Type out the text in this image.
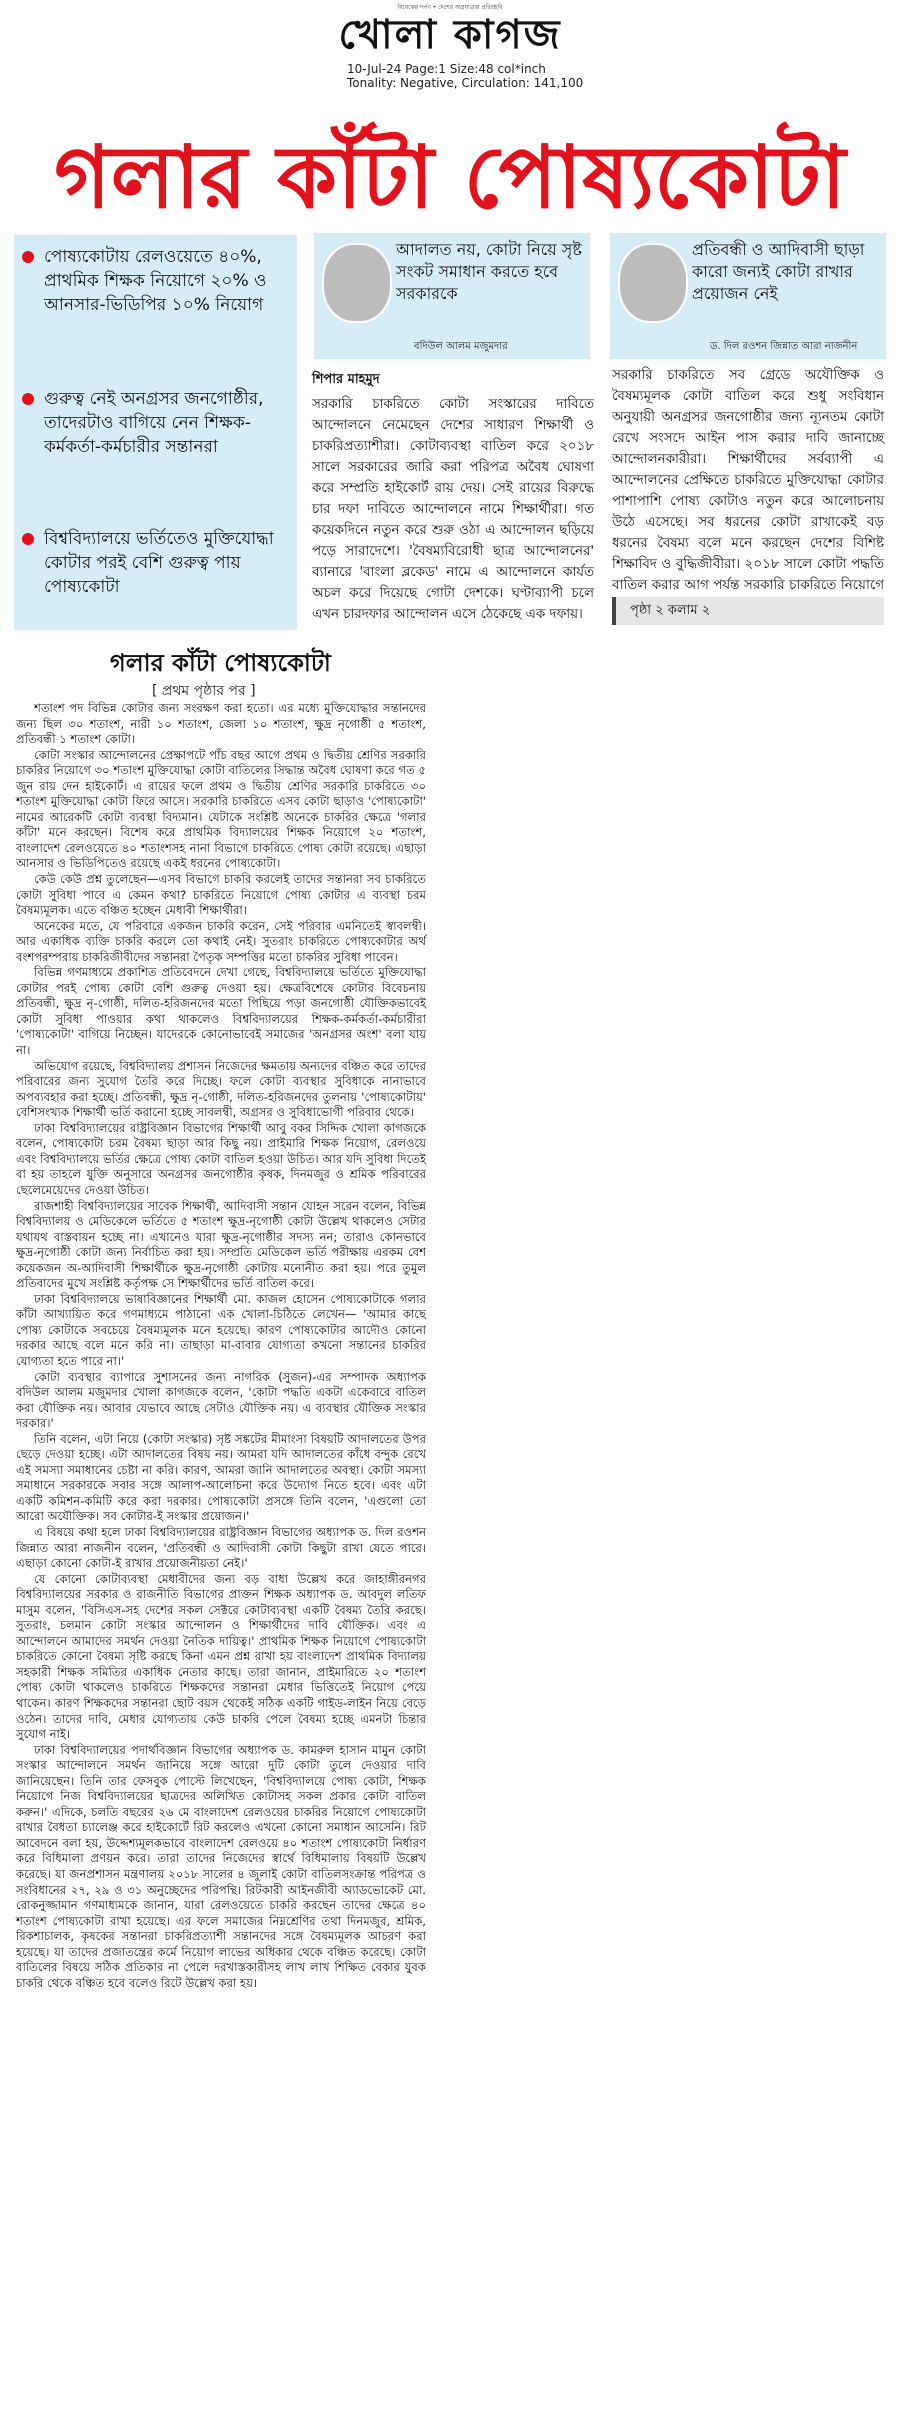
বিবেকের দর্পণ • দেশের অগ্রযাত্রার প্রতিচ্ছবি
খোলা কাগজ
10-Jul-24 Page:1 Size:48 col*inch
Tonality: Negative, Circulation: 141,100
গলার কাঁটা পোষ্যকোটা
পোষ্যকোটায় রেলওয়েতে ৪০%, প্রাথমিক শিক্ষক নিয়োগে ২০% ও আনসার-ভিডিপির ১০% নিয়োগ
গুরুত্ব নেই অনগ্রসর জনগোষ্ঠীর, তাদেরটাও বাগিয়ে নেন শিক্ষক-কর্মকর্তা-কর্মচারীর সন্তানরা
বিশ্ববিদ্যালয়ে ভর্তিতেও মুক্তিযোদ্ধা কোটার পরই বেশি গুরুত্ব পায় পোষ্যকোটা
আদালত নয়, কোটা নিয়ে সৃষ্ট সংকট সমাধান করতে হবে সরকারকে
বদিউল আলম মজুমদার
প্রতিবন্ধী ও আদিবাসী ছাড়া কারো জন্যই কোটা রাখার প্রয়োজন নেই
ড. দিল রওশন জিন্নাত আরা নাজনীন
শিপার মাহমুদ
সরকারি চাকরিতে কোটা সংস্কারের দাবিতে আন্দোলনে নেমেছেন দেশের সাধারণ শিক্ষার্থী ও চাকরিপ্রত্যাশীরা। কোটাব্যবস্থা বাতিল করে ২০১৮ সালে সরকারের জারি করা পরিপত্র অবৈধ ঘোষণা করে সম্প্রতি হাইকোর্ট রায় দেয়। সেই রায়ের বিরুদ্ধে চার দফা দাবিতে আন্দোলনে নামে শিক্ষার্থীরা। গত কয়েকদিনে নতুন করে শুরু ওঠা এ আন্দোলন ছড়িয়ে পড়ে সারাদেশে। 'বৈষম্যবিরোধী ছাত্র আন্দোলনের' ব্যানারে 'বাংলা ব্লকেড' নামে এ আন্দোলনে কার্যত অচল করে দিয়েছে গোটা দেশকে। ঘণ্টাব্যাপী চলে এখন চারদফার আন্দোলন এসে ঠেকেছে এক দফায়।
সরকারি চাকরিতে সব গ্রেডে অযৌক্তিক ও বৈষম্যমূলক কোটা বাতিল করে শুধু সংবিধান অনুযায়ী অনগ্রসর জনগোষ্ঠীর জন্য ন্যূনতম কোটা রেখে সংসদে আইন পাস করার দাবি জানাচ্ছে আন্দোলনকারীরা। শিক্ষার্থীদের সর্বব্যাপী এ আন্দোলনের প্রেক্ষিতে চাকরিতে মুক্তিযোদ্ধা কোটার পাশাপাশি পোষ্য কোটাও নতুন করে আলোচনায় উঠে এসেছে। সব ধরনের কোটা রাখাকেই বড় ধরনের বৈষম্য বলে মনে করছেন দেশের বিশিষ্ট শিক্ষাবিদ ও বুদ্ধিজীবীরা। ২০১৮ সালে কোটা পদ্ধতি বাতিল করার আগ পর্যন্ত সরকারি চাকরিতে নিয়োগে
পৃষ্ঠা ২ কলাম ২
গলার কাঁটা পোষ্যকোটা
[ প্রথম পৃষ্ঠার পর ]

শতাংশ পদ বিভিন্ন কোটার জন্য সংরক্ষণ করা হতো। এর মধ্যে মুক্তিযোদ্ধার সন্তানদের জন্য ছিল ৩০ শতাংশ, নারী ১০ শতাংশ, জেলা ১০ শতাংশ, ক্ষুদ্র নৃগোষ্ঠী ৫ শতাংশ, প্রতিবন্ধী ১ শতাংশ কোটা।

কোটা সংস্কার আন্দোলনের প্রেক্ষাপটে পাঁচ বছর আগে প্রথম ও দ্বিতীয় শ্রেণির সরকারি চাকরির নিয়োগে ৩০ শতাংশ মুক্তিযোদ্ধা কোটা বাতিলের সিদ্ধান্ত অবৈধ ঘোষণা করে গত ৫ জুন রায় দেন হাইকোর্ট। এ রায়ের ফলে প্রথম ও দ্বিতীয় শ্রেণির সরকারি চাকরিতে ৩০ শতাংশ মুক্তিযোদ্ধা কোটা ফিরে আসে। সরকারি চাকরিতে এসব কোটা ছাড়াও 'পোষ্যকোটা' নামের আরেকটি কোটা ব্যবস্থা বিদ্যমান। যেটাকে সংশ্লিষ্ট অনেকে চাকরির ক্ষেত্রে 'গলার কাঁটা' মনে করছেন। বিশেষ করে প্রাথমিক বিদ্যালয়ের শিক্ষক নিয়োগে ২০ শতাংশ, বাংলাদেশ রেলওয়েতে ৪০ শতাংশসহ নানা বিভাগে চাকরিতে পোষ্য কোটা রয়েছে। এছাড়া আনসার ও ভিডিপিতেও রয়েছে একই ধরনের পোষ্যকোটা।

কেউ কেউ প্রশ্ন তুলেছেন—এসব বিভাগে চাকরি করলেই তাদের সন্তানরা সব চাকরিতে কোটা সুবিধা পাবে এ কেমন কথা? চাকরিতে নিয়োগে পোষ্য কোটার এ ব্যবস্থা চরম বৈষম্যমূলক। এতে বঞ্চিত হচ্ছেন মেধাবী শিক্ষার্থীরা।

অনেকের মতে, যে পরিবারে একজন চাকরি করেন, সেই পরিবার এমনিতেই স্বাবলম্বী। আর একাধিক ব্যক্তি চাকরি করলে তো কথাই নেই। সুতরাং চাকরিতে পোষ্যকোটার অর্থ বংশপরম্পরায় চাকরিজীবীদের সন্তানরা পৈতৃক সম্পত্তির মতো চাকরির সুবিধা পাবেন।

বিভিন্ন গণমাধ্যমে প্রকাশিত প্রতিবেদনে দেখা গেছে, বিশ্ববিদ্যালয়ে ভর্তিতে মুক্তিযোদ্ধা কোটার পরই পোষ্য কোটা বেশি গুরুত্ব দেওয়া হয়। ক্ষেত্রবিশেষে কোটার বিবেচনায় প্রতিবন্ধী, ক্ষুদ্র নৃ-গোষ্ঠী, দলিত-হরিজনদের মতো পিছিয়ে পড়া জনগোষ্ঠী যৌক্তিকভাবেই কোটা সুবিধা পাওয়ার কথা থাকলেও বিশ্ববিদ্যালয়ের শিক্ষক-কর্মকর্তা-কর্মচারীরা 'পোষ্যকোটা' বাগিয়ে নিচ্ছেন। যাদেরকে কোনোভাবেই সমাজের 'অনগ্রসর অংশ' বলা যায় না।

অভিযোগ রয়েছে, বিশ্ববিদ্যালয় প্রশাসন নিজেদের ক্ষমতায় অন্যদের বঞ্চিত করে তাদের পরিবারের জন্য সুযোগ তৈরি করে দিচ্ছে। ফলে কোটা ব্যবস্থার সুবিধাকে নানাভাবে অপব্যবহার করা হচ্ছে। প্রতিবন্ধী, ক্ষুদ্র নৃ-গোষ্ঠী, দলিত-হরিজনদের তুলনায় 'পোষ্যকোটায়' বেশিসংখ্যক শিক্ষার্থী ভর্তি করানো হচ্ছে সাবলম্বী, অগ্রসর ও সুবিধাভোগী পরিবার থেকে।

ঢাকা বিশ্ববিদ্যালয়ের রাষ্ট্রবিজ্ঞান বিভাগের শিক্ষার্থী আবু বকর সিদ্দিক খোলা কাগজকে বলেন, পোষ্যকোটা চরম বৈষম্য ছাড়া আর কিছু নয়। প্রাইমারি শিক্ষক নিয়োগ, রেলওয়ে এবং বিশ্ববিদ্যালয়ে ভর্তির ক্ষেত্রে পোষ্য কোটা বাতিল হওয়া উচিত। আর যদি সুবিধা দিতেই বা হয় তাহলে যুক্তি অনুসারে অনগ্রসর জনগোষ্ঠীর কৃষক, দিনমজুর ও শ্রমিক পরিবারের ছেলেমেয়েদের দেওয়া উচিত।

রাজশাহী বিশ্ববিদ্যালয়ের সাবেক শিক্ষার্থী, আদিবাসী সন্তান যোহন সরেন বলেন, বিভিন্ন বিশ্ববিদ্যালয় ও মেডিকেলে ভর্তিতে ৫ শতাংশ ক্ষুদ্র-নৃগোষ্ঠী কোটা উল্লেখ থাকলেও সেটার যথাযথ বাস্তবায়ন হচ্ছে না। এখানেও যারা ক্ষুদ্র-নৃগোষ্ঠীর সদস্য নন; তারাও কোনভাবে ক্ষুদ্র-নৃগোষ্ঠী কোটা জন্য নির্বাচিত করা হয়। সম্প্রতি মেডিকেল ভর্তি পরীক্ষায় এরকম বেশ কয়েকজন অ-আদিবাসী শিক্ষার্থীকে ক্ষুদ্র-নৃগোষ্ঠী কোটায় মনোনীত করা হয়। পরে তুমুল প্রতিবাদের মুখে সংশ্লিষ্ট কর্তৃপক্ষ সে শিক্ষার্থীদের ভর্তি বাতিল করে।

ঢাকা বিশ্ববিদ্যালয়ে ভাষাবিজ্ঞানের শিক্ষার্থী মো. কাজল হোসেন পোষ্যকোটাকে গলার কাঁটা আখ্যায়িত করে গণমাধ্যমে পাঠানো এক খোলা-চিঠিতে লেখেন— 'আমার কাছে পোষ্য কোটাকে সবচেয়ে বৈষম্যমূলক মনে হয়েছে। কারণ পোষ্যকোটার আদৌও কোনো দরকার আছে বলে মনে করি না। তাছাড়া মা-বাবার যোগ্যতা কখনো সন্তানের চাকরির যোগ্যতা হতে পারে না।'

কোটা ব্যবস্থার ব্যাপারে সুশাসনের জন্য নাগরিক (সুজন)-এর সম্পাদক অধ্যাপক বদিউল আলম মজুমদার খোলা কাগজকে বলেন, 'কোটা পদ্ধতি একটা একেবারে বাতিল করা যৌক্তিক নয়। আবার যেভাবে আছে সেটাও যৌক্তিক নয়। এ ব্যবস্থার যৌক্তিক সংস্কার দরকার।'

তিনি বলেন, এটা নিয়ে (কোটা সংস্কার) সৃষ্ট সঙ্কটের মীমাংসা বিষয়টি আদালতের উপর ছেড়ে দেওয়া হচ্ছে। এটা আদালতের বিষয় নয়। আমরা যদি আদালতের কাঁধে বন্দুক রেখে এই সমস্যা সমাধানের চেষ্টা না করি। কারণ, আমরা জানি আদালতের অবস্থা। কোটা সমস্যা সমাধানে সরকারকে সবার সঙ্গে আলাপ-আলোচনা করে উদ্যোগ নিতে হবে। এবং এটা একটি কমিশন-কমিটি করে করা দরকার। পোষ্যকোটা প্রসঙ্গে তিনি বলেন, 'এগুলো তো আরো অযৌক্তিক। সব কোটার-ই সংস্কার প্রয়োজন।'

এ বিষয়ে কথা হলে ঢাকা বিশ্ববিদ্যালয়ের রাষ্ট্রবিজ্ঞান বিভাগের অধ্যাপক ড. দিল রওশন জিন্নাত আরা নাজনীন বলেন, 'প্রতিবন্ধী ও আদিবাসী কোটা কিছুটা রাখা যেতে পারে। এছাড়া কোনো কোটা-ই রাখার প্রয়োজনীয়তা নেই।'

যে কোনো কোটাব্যবস্থা মেধাবীদের জন্য বড় বাধা উল্লেখ করে জাহাঙ্গীরনগর বিশ্ববিদ্যালয়ের সরকার ও রাজনীতি বিভাগের প্রাক্তন শিক্ষক অধ্যাপক ড. আবদুল লতিফ মাসুম বলেন, 'বিসিএস-সহ দেশের সকল সেক্টরে কোটাব্যবস্থা একটি বৈষম্য তৈরি করছে। সুতরাং, চলমান কোটা সংস্কার আন্দোলন ও শিক্ষার্থীদের দাবি যৌক্তিক। এবং এ আন্দোলনে আমাদের সমর্থন দেওয়া নৈতিক দায়িত্ব।' প্রাথমিক শিক্ষক নিয়োগে পোষ্যকোটা চাকরিতে কোনো বৈষম্য সৃষ্টি করছে কিনা এমন প্রশ্ন রাখা হয় বাংলাদেশ প্রাথমিক বিদ্যালয় সহকারী শিক্ষক সমিতির একাধিক নেতার কাছে। তারা জানান, প্রাইমারিতে ২০ শতাংশ পোষ্য কোটা থাকলেও চাকরিতে শিক্ষকদের সন্তানরা মেধার ভিত্তিতেই নিয়োগ পেয়ে থাকেন। কারণ শিক্ষকদের সন্তানরা ছোট বয়স থেকেই সঠিক একটি গাইড-লাইন নিয়ে বেড়ে ওঠেন। তাদের দাবি, মেধার যোগ্যতায় কেউ চাকরি পেলে বৈষম্য হচ্ছে এমনটা চিন্তার সুযোগ নাই।

ঢাকা বিশ্ববিদ্যালয়ের পদার্থবিজ্ঞান বিভাগের অধ্যাপক ড. কামরুল হাসান মামুন কোটা সংস্কার আন্দোলনে সমর্থন জানিয়ে সঙ্গে আরো দুটি কোটা তুলে দেওয়ার দাবি জানিয়েছেন। তিনি তার ফেসবুক পোস্টে লিখেছেন, 'বিশ্ববিদ্যালয়ে পোষ্য কোটা, শিক্ষক নিয়োগে নিজ বিশ্ববিদ্যালয়ের ছাত্রদের অলিখিত কোটাসহ সকল প্রকার কোটা বাতিল করুন।' এদিকে, চলতি বছরের ২৬ মে বাংলাদেশ রেলওয়ের চাকরির নিয়োগে পোষ্যকোটা রাখার বৈধতা চ্যালেঞ্জ করে হাইকোর্টে রিট করলেও এখনো কোনো সমাধান আসেনি। রিট আবেদনে বলা হয়, উদ্দেশ্যমূলকভাবে বাংলাদেশ রেলওয়ে ৪০ শতাংশ পোষ্যকোটা নির্ধারণ করে বিধিমালা প্রণয়ন করে। তারা তাদের নিজেদের স্বার্থে বিধিমালায় বিষয়টি উল্লেখ করেছে। যা জনপ্রশাসন মন্ত্রণালয় ২০১৮ সালের ৪ জুলাই কোটা বাতিলসংক্রান্ত পরিপত্র ও সংবিধানের ২৭, ২৯ ও ৩১ অনুচ্ছেদের পরিপন্থি। রিটকারী আইনজীবী অ্যাডভোকেট মো. রোকনুজ্জামান গণমাধ্যমকে জানান, যারা রেলওয়েতে চাকরি করছেন তাদের ক্ষেত্রে ৪০ শতাংশ পোষ্যকোটা রাখা হয়েছে। এর ফলে সমাজের নিম্নশ্রেণির তথা দিনমজুর, শ্রমিক, রিকশাচালক, কৃষকের সন্তানরা চাকরিপ্রত্যাশী সন্তানদের সঙ্গে বৈষম্যমূলক আচরণ করা হয়েছে। যা তাদের প্রজাতন্ত্রের কর্মে নিয়োগ লাভের অধিকার থেকে বঞ্চিত করেছে। কোটা বাতিলের বিষয়ে সঠিক প্রতিকার না পেলে দরখাস্তকারীসহ লাখ লাখ শিক্ষিত বেকার যুবক চাকরি থেকে বঞ্চিত হবে বলেও রিটে উল্লেখ করা হয়।
